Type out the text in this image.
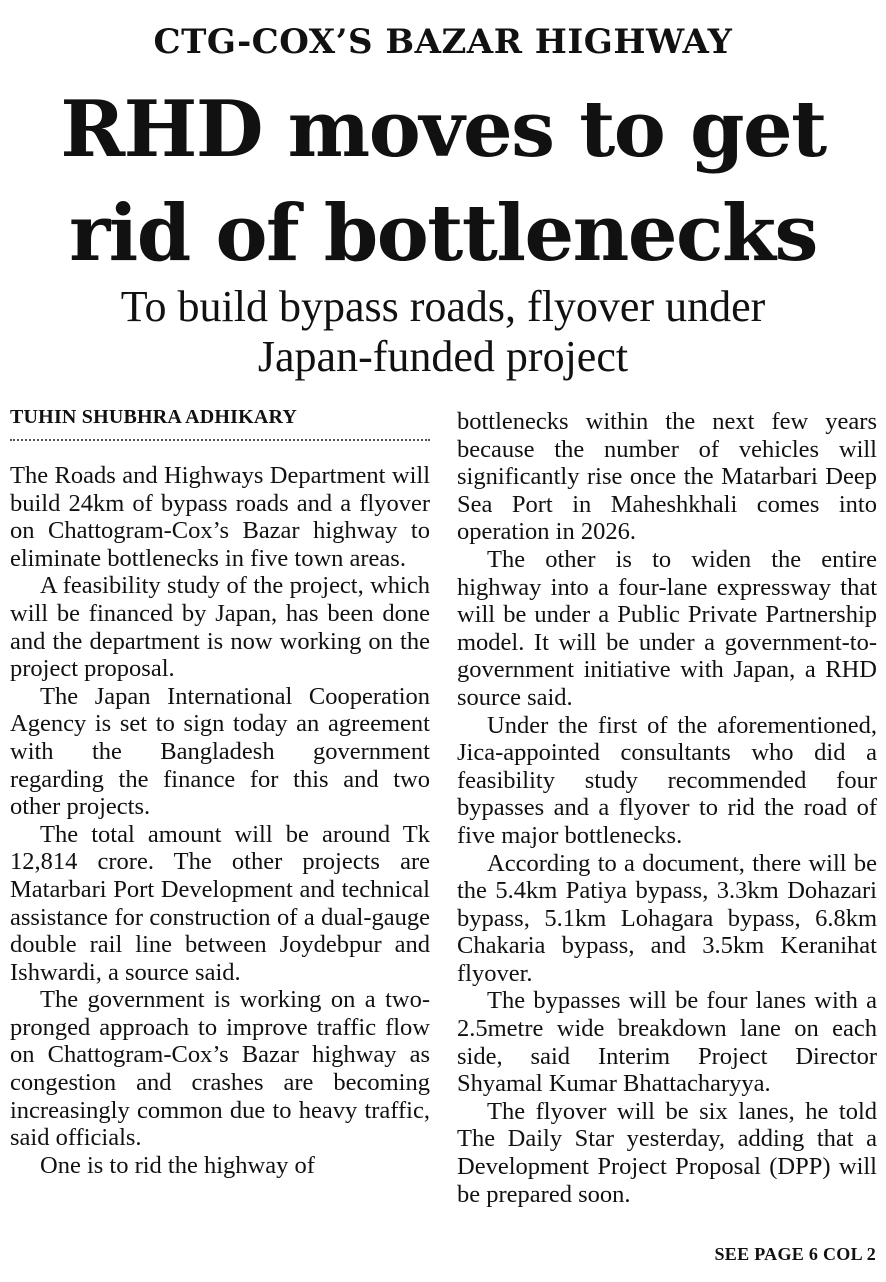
CTG-COX’S BAZAR HIGHWAY
RHD moves to get
rid of bottlenecks
To build bypass roads, flyover under
Japan-funded project
TUHIN SHUBHRA ADHIKARY

The Roads and Highways Department will build 24km of bypass roads and a flyover on Chattogram-Cox’s Bazar highway to eliminate bottlenecks in five town areas.

A feasibility study of the project, which will be financed by Japan, has been done and the department is now working on the project proposal.

The Japan International Cooperation Agency is set to sign today an agreement with the Bangladesh government regarding the finance for this and two other projects.

The total amount will be around Tk 12,814 crore. The other projects are Matarbari Port Development and technical assistance for construction of a dual-gauge double rail line between Joydebpur and Ishwardi, a source said.

The government is working on a two-pronged approach to improve traffic flow on Chattogram-Cox’s Bazar highway as congestion and crashes are becoming increasingly common due to heavy traffic, said officials.

One is to rid the highway of

bottlenecks within the next few years because the number of vehicles will significantly rise once the Matarbari Deep Sea Port in Maheshkhali comes into operation in 2026.

The other is to widen the entire highway into a four-lane expressway that will be under a Public Private Partnership model. It will be under a government-to-government initiative with Japan, a RHD source said.

Under the first of the aforementioned, Jica-appointed consultants who did a feasibility study recommended four bypasses and a flyover to rid the road of five major bottlenecks.

According to a document, there will be the 5.4km Patiya bypass, 3.3km Dohazari bypass, 5.1km Lohagara bypass, 6.8km Chakaria bypass, and 3.5km Keranihat flyover.

The bypasses will be four lanes with a 2.5metre wide breakdown lane on each side, said Interim Project Director Shyamal Kumar Bhattacharyya.

The flyover will be six lanes, he told The Daily Star yesterday, adding that a Development Project Proposal (DPP) will be prepared soon.

SEE PAGE 6 COL 2
